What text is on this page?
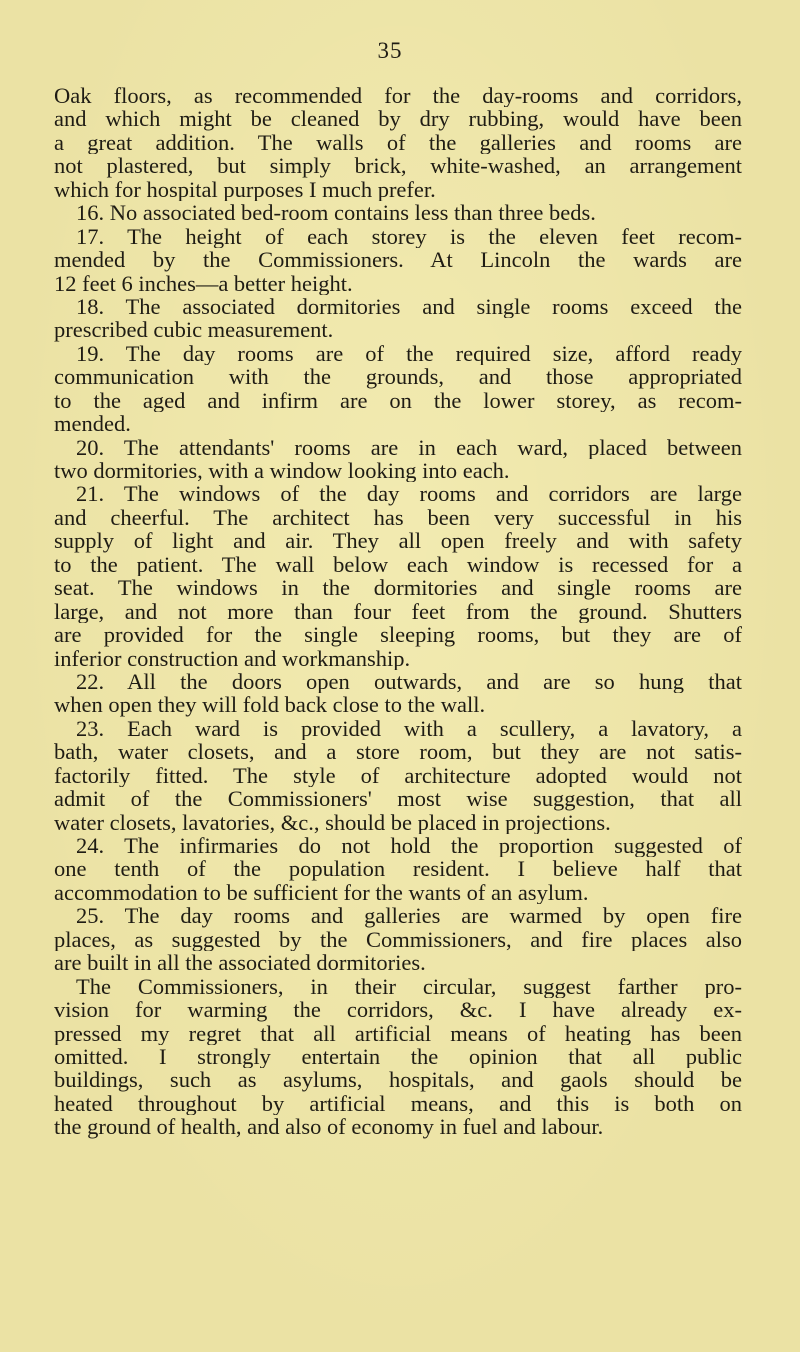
35
Oak floors, as recommended for the day-rooms and corridors,
and which might be cleaned by dry rubbing, would have been
a great addition. The walls of the galleries and rooms are
not plastered, but simply brick, white-washed, an arrangement
which for hospital purposes I much prefer.
16. No associated bed-room contains less than three beds.
17. The height of each storey is the eleven feet recom-
mended by the Commissioners. At Lincoln the wards are
12 feet 6 inches—a better height.
18. The associated dormitories and single rooms exceed the
prescribed cubic measurement.
19. The day rooms are of the required size, afford ready
communication with the grounds, and those appropriated
to the aged and infirm are on the lower storey, as recom-
mended.
20. The attendants' rooms are in each ward, placed between
two dormitories, with a window looking into each.
21. The windows of the day rooms and corridors are large
and cheerful. The architect has been very successful in his
supply of light and air. They all open freely and with safety
to the patient. The wall below each window is recessed for a
seat. The windows in the dormitories and single rooms are
large, and not more than four feet from the ground. Shutters
are provided for the single sleeping rooms, but they are of
inferior construction and workmanship.
22. All the doors open outwards, and are so hung that
when open they will fold back close to the wall.
23. Each ward is provided with a scullery, a lavatory, a
bath, water closets, and a store room, but they are not satis-
factorily fitted. The style of architecture adopted would not
admit of the Commissioners' most wise suggestion, that all
water closets, lavatories, &c., should be placed in projections.
24. The infirmaries do not hold the proportion suggested of
one tenth of the population resident. I believe half that
accommodation to be sufficient for the wants of an asylum.
25. The day rooms and galleries are warmed by open fire
places, as suggested by the Commissioners, and fire places also
are built in all the associated dormitories.
The Commissioners, in their circular, suggest farther pro-
vision for warming the corridors, &c. I have already ex-
pressed my regret that all artificial means of heating has been
omitted. I strongly entertain the opinion that all public
buildings, such as asylums, hospitals, and gaols should be
heated throughout by artificial means, and this is both on
the ground of health, and also of economy in fuel and labour.
